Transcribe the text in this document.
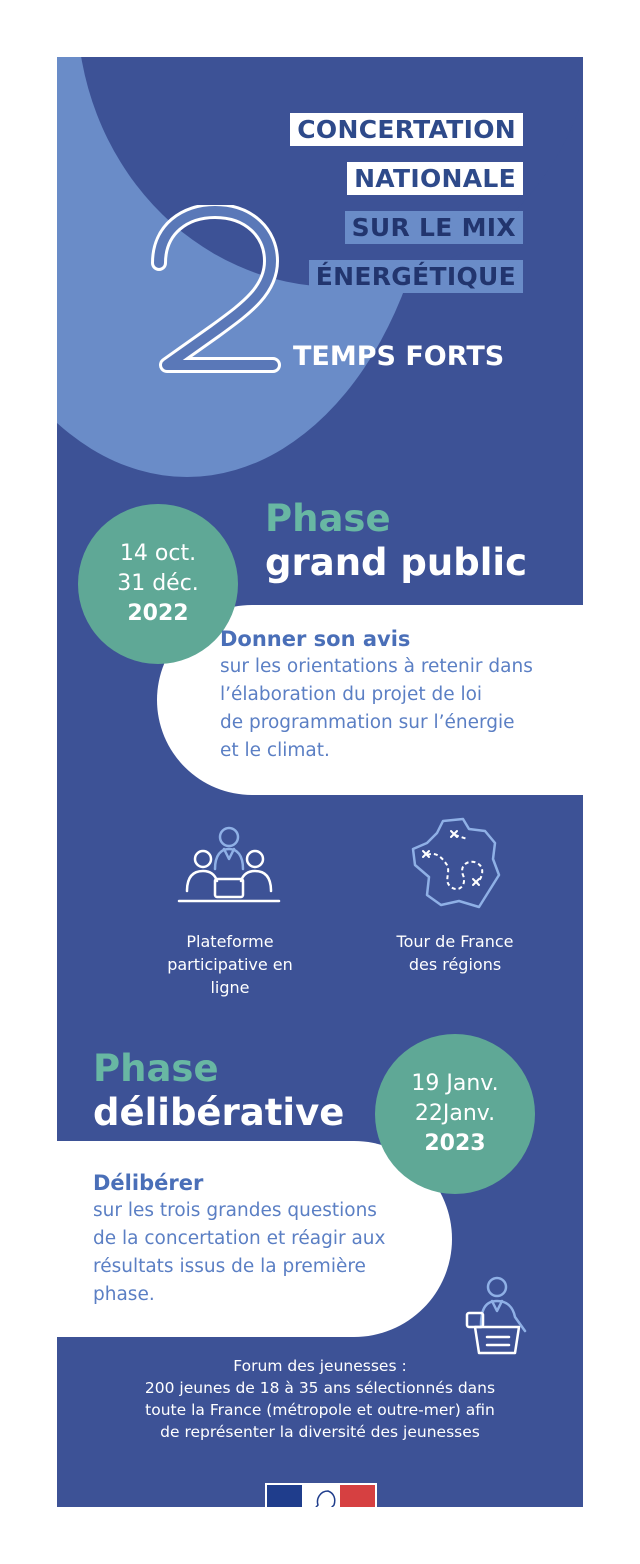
CONCERTATION
NATIONALE
SUR LE MIX
ÉNERGÉTIQUE
TEMPS FORTS
Phase
grand public
14 oct.
31 déc.
2022
Donner son avis
sur les orientations à retenir dans
l’élaboration du projet de loi
de programmation sur l’énergie
et le climat.
Plateforme
participative en
ligne
Tour de France
des régions
Phase
délibérative
19 Janv.
22Janv.
2023
Délibérer
sur les trois grandes questions
de la concertation et réagir aux
résultats issus de la première
phase.
Forum des jeunesses :
200 jeunes de 18 à 35 ans sélectionnés dans
toute la France (métropole et outre-mer) afin
de représenter la diversité des jeunesses
